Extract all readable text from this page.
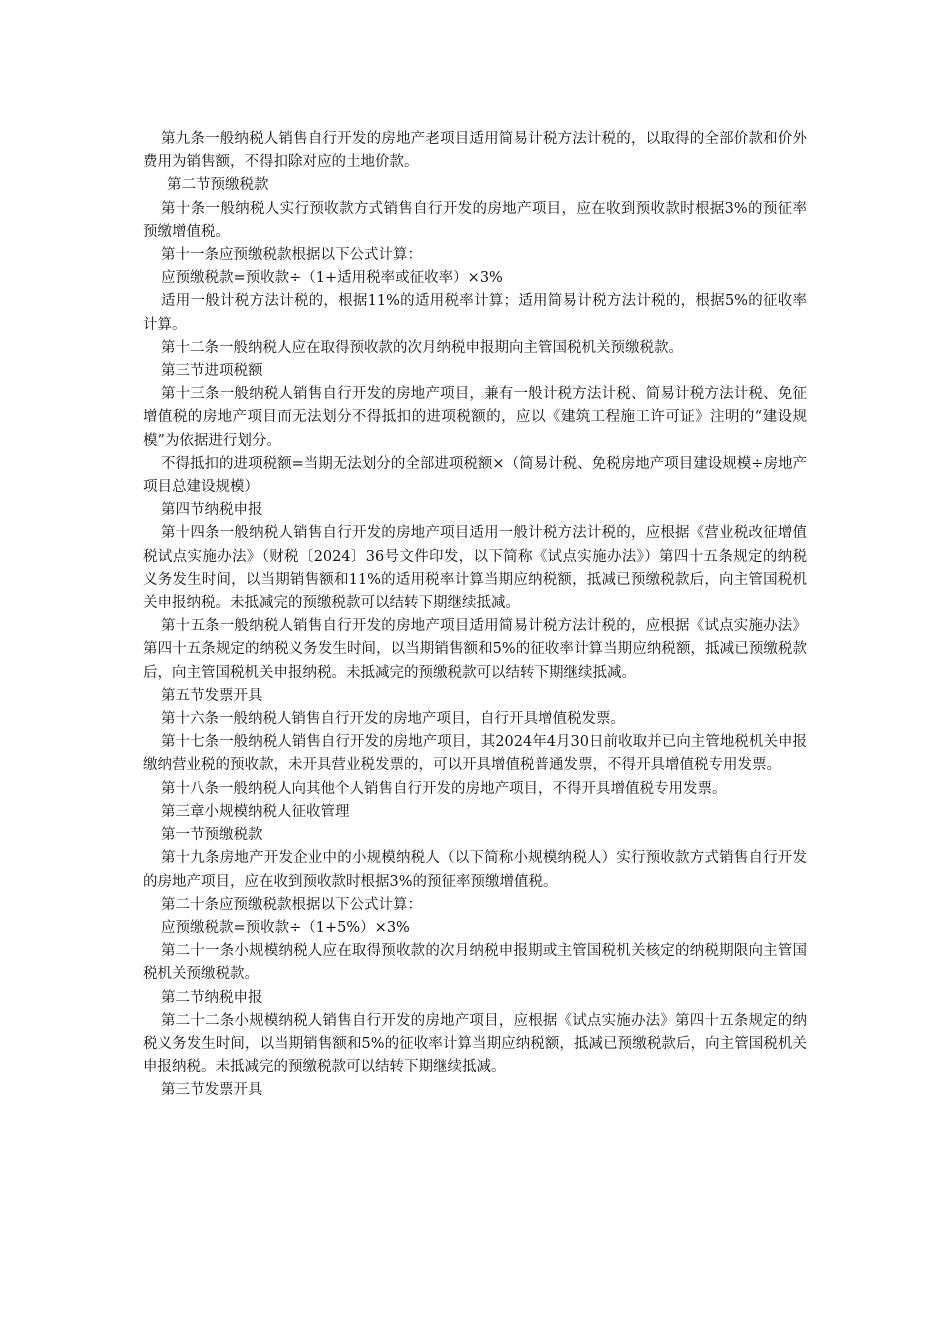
第九条一般纳税人销售自行开发的房地产老项目适用简易计税方法计税的，以取得的全部价款和价外费用为销售额，不得扣除对应的土地价款。

第二节预缴税款

第十条一般纳税人实行预收款方式销售自行开发的房地产项目，应在收到预收款时根据3%的预征率预缴增值税。

第十一条应预缴税款根据以下公式计算：

应预缴税款=预收款÷（1+适用税率或征收率）×3%

适用一般计税方法计税的，根据11%的适用税率计算；适用简易计税方法计税的，根据5%的征收率计算。

第十二条一般纳税人应在取得预收款的次月纳税申报期向主管国税机关预缴税款。

第三节进项税额

第十三条一般纳税人销售自行开发的房地产项目，兼有一般计税方法计税、简易计税方法计税、免征增值税的房地产项目而无法划分不得抵扣的进项税额的，应以《建筑工程施工许可证》注明的“建设规模”为依据进行划分。

不得抵扣的进项税额=当期无法划分的全部进项税额×（简易计税、免税房地产项目建设规模÷房地产项目总建设规模）

第四节纳税申报

第十四条一般纳税人销售自行开发的房地产项目适用一般计税方法计税的，应根据《营业税改征增值税试点实施办法》（财税〔2024〕36号文件印发，以下简称《试点实施办法》）第四十五条规定的纳税义务发生时间，以当期销售额和11%的适用税率计算当期应纳税额，抵减已预缴税款后，向主管国税机关申报纳税。未抵减完的预缴税款可以结转下期继续抵减。

第十五条一般纳税人销售自行开发的房地产项目适用简易计税方法计税的，应根据《试点实施办法》第四十五条规定的纳税义务发生时间，以当期销售额和5%的征收率计算当期应纳税额，抵减已预缴税款后，向主管国税机关申报纳税。未抵减完的预缴税款可以结转下期继续抵减。

第五节发票开具

第十六条一般纳税人销售自行开发的房地产项目，自行开具增值税发票。

第十七条一般纳税人销售自行开发的房地产项目，其2024年4月30日前收取并已向主管地税机关申报缴纳营业税的预收款，未开具营业税发票的，可以开具增值税普通发票，不得开具增值税专用发票。

第十八条一般纳税人向其他个人销售自行开发的房地产项目，不得开具增值税专用发票。

第三章小规模纳税人征收管理

第一节预缴税款

第十九条房地产开发企业中的小规模纳税人（以下简称小规模纳税人）实行预收款方式销售自行开发的房地产项目，应在收到预收款时根据3%的预征率预缴增值税。

第二十条应预缴税款根据以下公式计算：

应预缴税款=预收款÷（1+5%）×3%

第二十一条小规模纳税人应在取得预收款的次月纳税申报期或主管国税机关核定的纳税期限向主管国税机关预缴税款。

第二节纳税申报

第二十二条小规模纳税人销售自行开发的房地产项目，应根据《试点实施办法》第四十五条规定的纳税义务发生时间，以当期销售额和5%的征收率计算当期应纳税额，抵减已预缴税款后，向主管国税机关申报纳税。未抵减完的预缴税款可以结转下期继续抵减。

第三节发票开具
